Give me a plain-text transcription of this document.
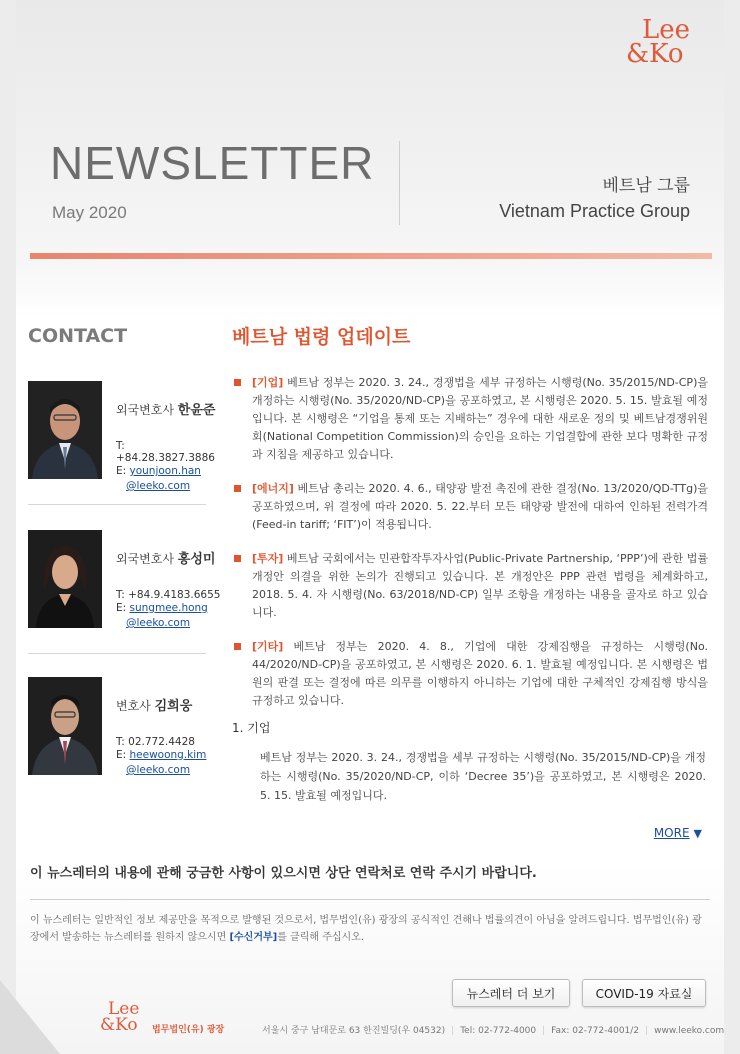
Lee
&Ko
NEWSLETTER
May 2020
베트남 그룹
Vietnam Practice Group
CONTACT
외국변호사 한윤준
T: +84.28.3827.3886
E: younjoon.han
@leeko.com
외국변호사 홍성미
T: +84.9.4183.6655
E: sungmee.hong
@leeko.com
변호사 김희웅
T: 02.772.4428
E: heewoong.kim
@leeko.com
베트남 법령 업데이트
[기업] 베트남 정부는 2020. 3. 24., 경쟁법을 세부 규정하는 시행령(No. 35/2015/ND-CP)을 개정하는 시행령(No. 35/2020/ND-CP)을 공포하였고, 본 시행령은 2020. 5. 15. 발효될 예정입니다. 본 시행령은 “기업을 통제 또는 지배하는” 경우에 대한 새로운 정의 및 베트남경쟁위원회(National Competition Commission)의 승인을 요하는 기업결합에 관한 보다 명확한 규정과 지침을 제공하고 있습니다.
[에너지] 베트남 총리는 2020. 4. 6., 태양광 발전 촉진에 관한 결정(No. 13/2020/QD-TTg)을 공포하였으며, 위 결정에 따라 2020. 5. 22.부터 모든 태양광 발전에 대하여 인하된 전력가격(Feed-in tariff; ‘FIT’)이 적용됩니다.
[투자] 베트남 국회에서는 민관합작투자사업(Public-Private Partnership, ‘PPP’)에 관한 법률 개정안 의결을 위한 논의가 진행되고 있습니다. 본 개정안은 PPP 관련 법령을 체계화하고, 2018. 5. 4. 자 시행령(No. 63/2018/ND-CP) 일부 조항을 개정하는 내용을 골자로 하고 있습니다.
[기타] 베트남 정부는 2020. 4. 8., 기업에 대한 강제집행을 규정하는 시행령(No. 44/2020/ND-CP)을 공포하였고, 본 시행령은 2020. 6. 1. 발효될 예정입니다. 본 시행령은 법원의 판결 또는 결정에 따른 의무를 이행하지 아니하는 기업에 대한 구체적인 강제집행 방식을 규정하고 있습니다.
1. 기업
베트남 정부는 2020. 3. 24., 경쟁법을 세부 규정하는 시행령(No. 35/2015/ND-CP)을 개정하는 시행령(No. 35/2020/ND-CP, 이하 ‘Decree 35’)을 공포하였고, 본 시행령은 2020. 5. 15. 발효될 예정입니다.
MORE ▼
이 뉴스레터의 내용에 관해 궁금한 사항이 있으시면 상단 연락처로 연락 주시기 바랍니다.
이 뉴스레터는 일반적인 정보 제공만을 목적으로 발행된 것으로서, 법무법인(유) 광장의 공식적인 견해나 법률의견이 아님을 알려드립니다. 법무법인(유) 광장에서 발송하는 뉴스레터를 원하지 않으시면 [수신거부]를 클릭해 주십시오.
뉴스레터 더 보기	COVID-19 자료실
Lee
&Ko 법무법인(유) 광장	서울시 중구 남대문로 63 한진빌딩(우 04532) | Tel: 02-772-4000 | Fax: 02-772-4001/2 | www.leeko.com
